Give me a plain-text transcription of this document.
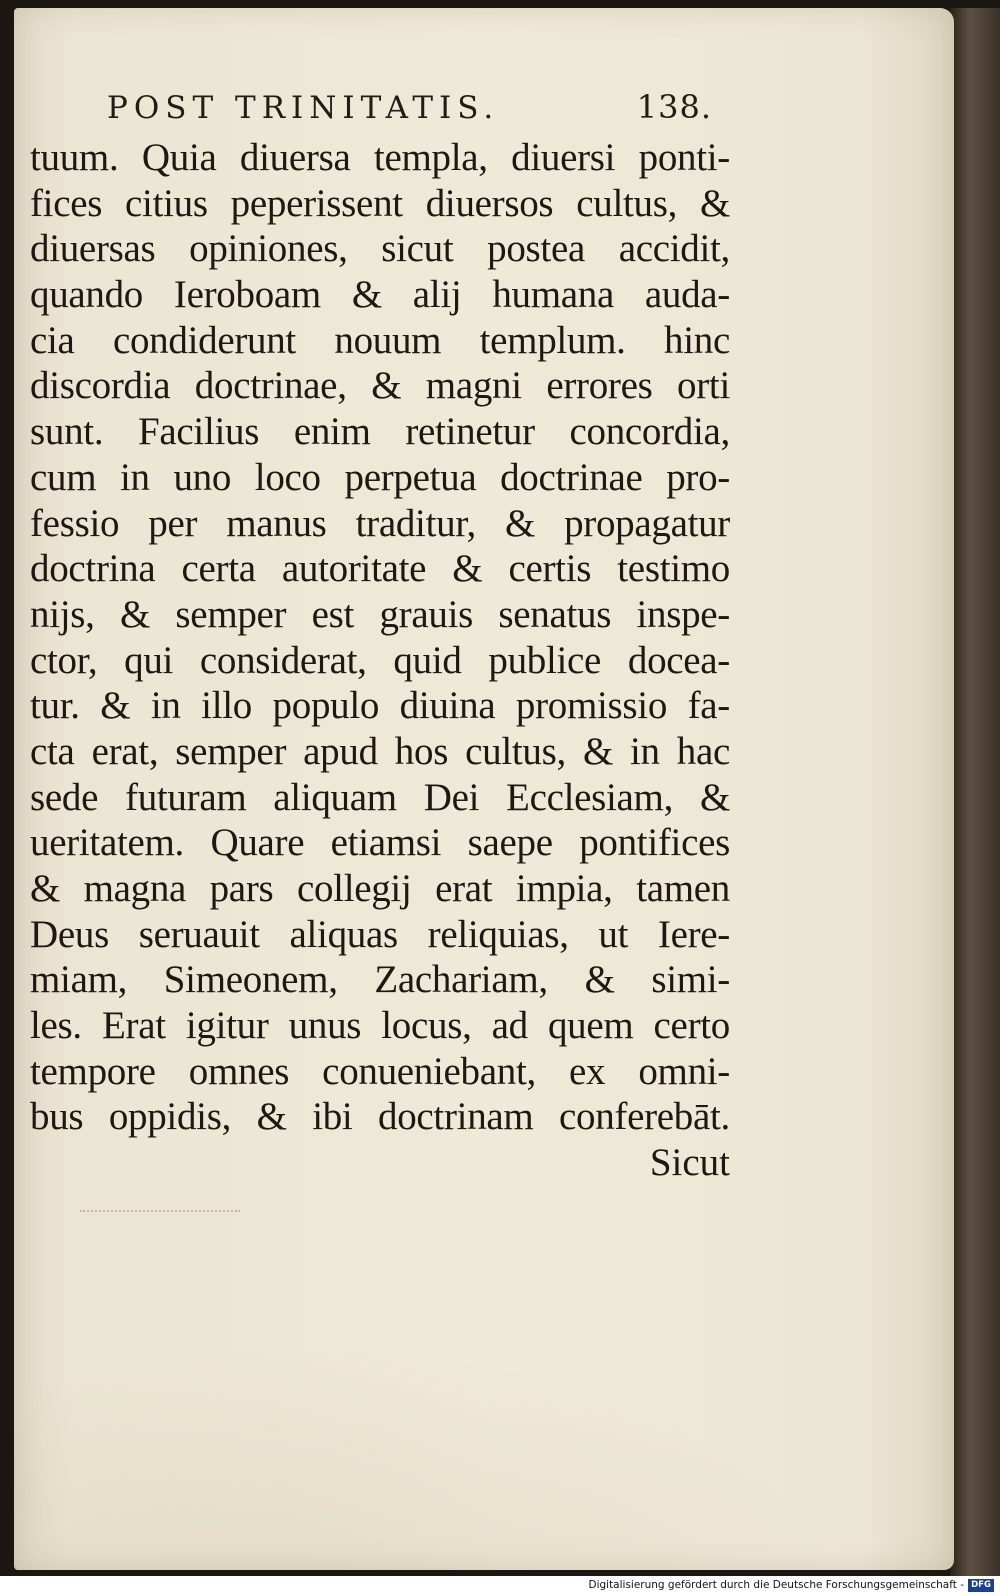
POST TRINITATIS.	138.
tuum. Quia diuersa templa, diuersi ponti-
fices citius peperissent diuersos cultus, &
diuersas opiniones, sicut postea accidit,
quando Ieroboam & alij humana auda-
cia condiderunt nouum templum. hinc
discordia doctrinae, & magni errores orti
sunt. Facilius enim retinetur concordia,
cum in uno loco perpetua doctrinae pro-
fessio per manus traditur, & propagatur
doctrina certa autoritate & certis testimo
nijs, & semper est grauis senatus inspe-
ctor, qui considerat, quid publice docea-
tur. & in illo populo diuina promissio fa-
cta erat, semper apud hos cultus, & in hac
sede futuram aliquam Dei Ecclesiam, &
ueritatem. Quare etiamsi saepe pontifices
& magna pars collegij erat impia, tamen
Deus seruauit aliquas reliquias, ut Iere-
miam, Simeonem, Zachariam, & simi-
les. Erat igitur unus locus, ad quem certo
tempore omnes conueniebant, ex omni-
bus oppidis, & ibi doctrinam conferebāt.
Sicut
Digitalisierung gefördert durch die Deutsche Forschungsgemeinschaft - DFG
